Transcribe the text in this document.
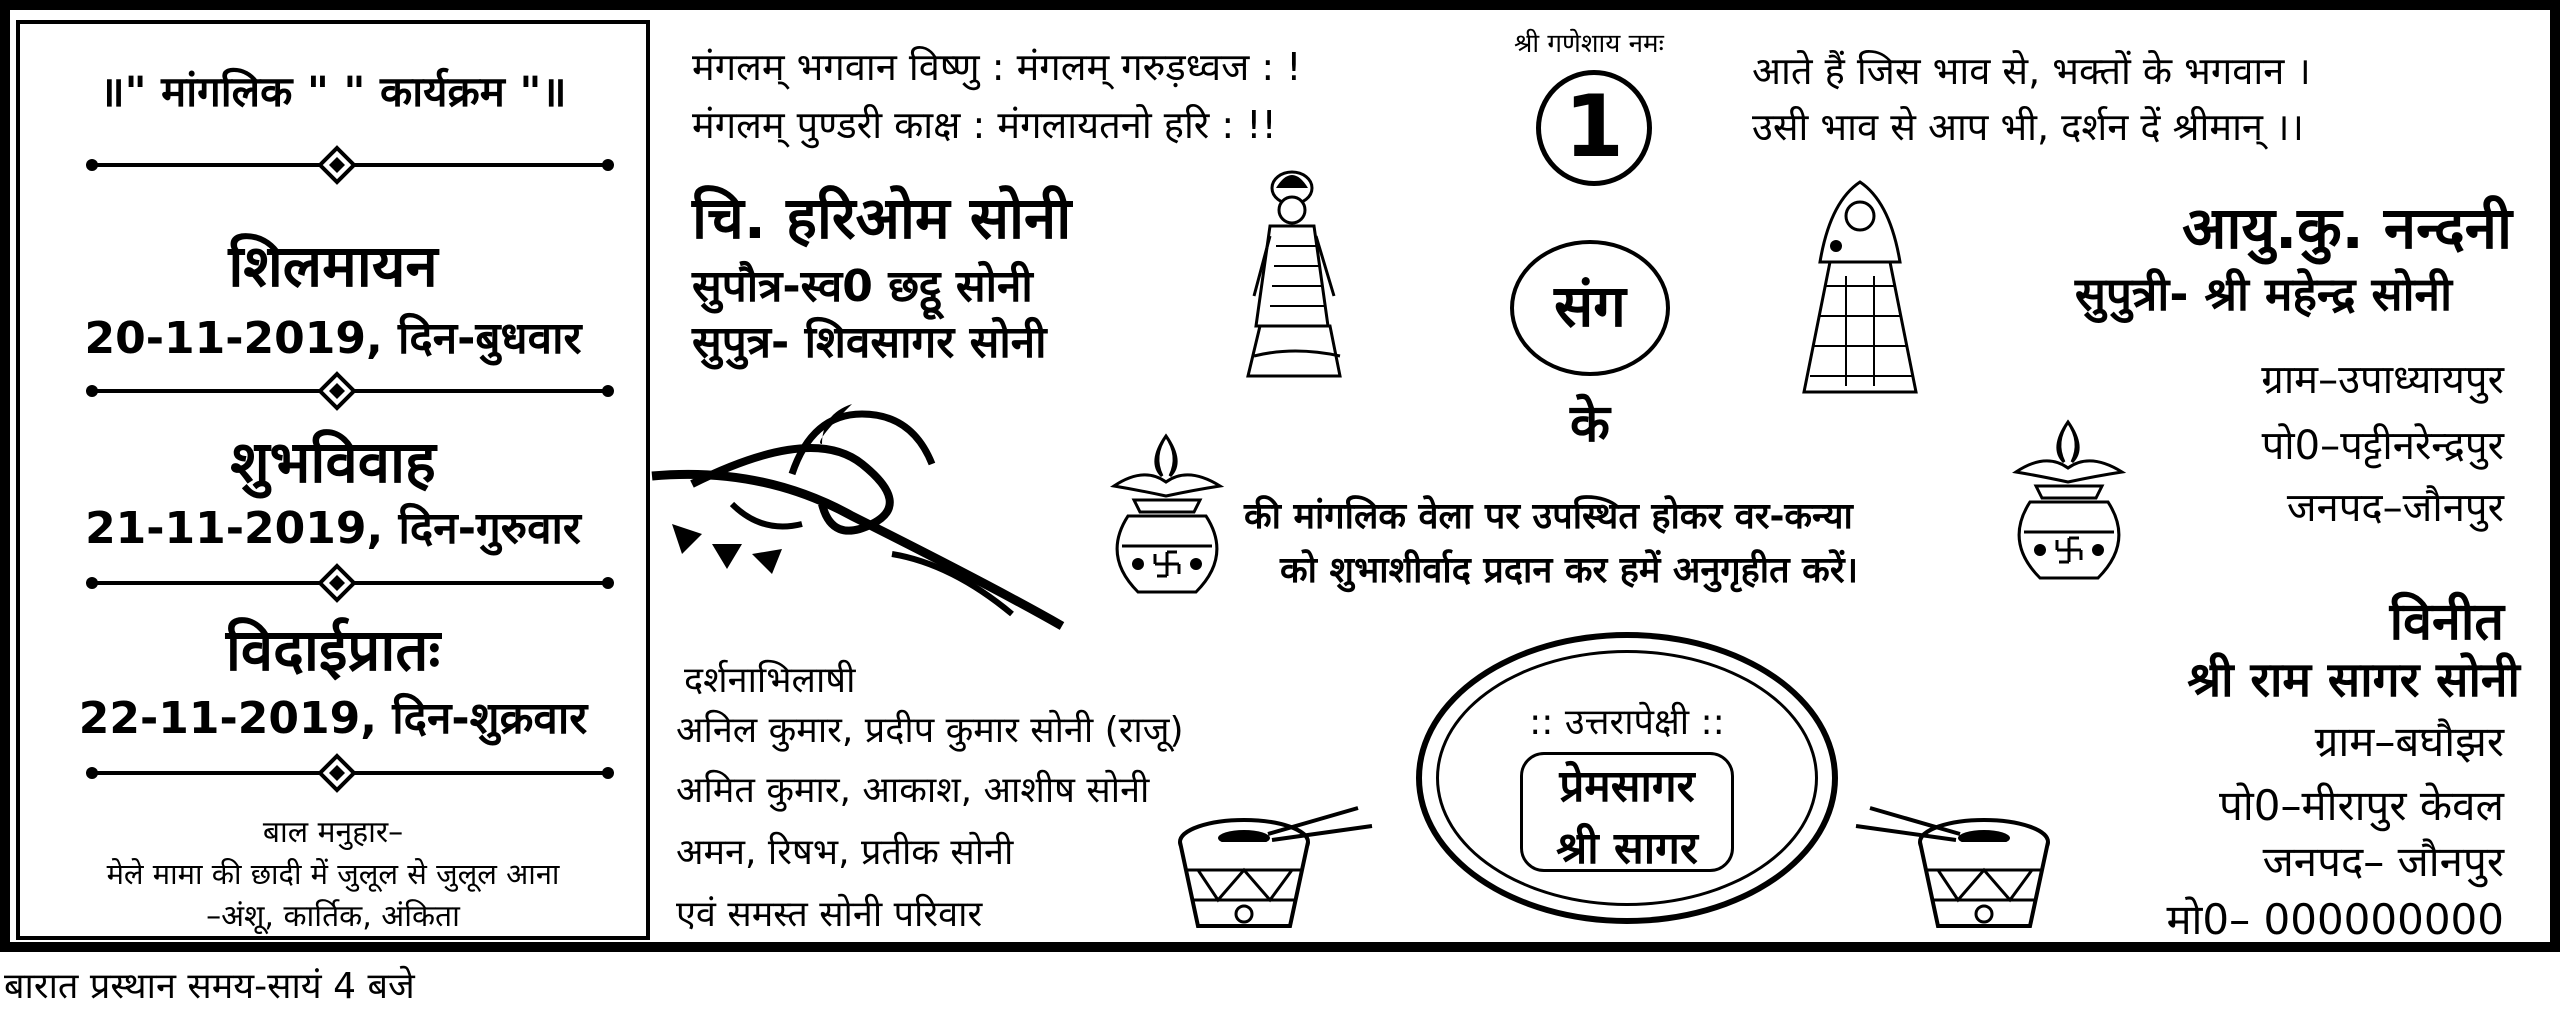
॥" मांगलिक " " कार्यक्रम "॥
शिलमायन
20-11-2019, दिन-बुधवार
शुभविवाह
21-11-2019, दिन-गुरुवार
विदाईप्रातः
22-11-2019, दिन-शुक्रवार
बाल मनुहार–
मेले मामा की छादी में जुलूल से जुलूल आना
–अंशू, कार्तिक, अंकिता
बारात प्रस्थान समय-सायं 4 बजे
मंगलम् भगवान विष्णु : मंगलम् गरुड़ध्वज : !
मंगलम् पुण्डरी काक्ष : मंगलायतनो हरि : !!
श्री गणेशाय नमः
1
आते हैं जिस भाव से, भक्तों के भगवान ।
उसी भाव से आप भी, दर्शन दें श्रीमान् ।।
चि. हरिओम सोनी
सुपौत्र-स्व0 छट्ठू सोनी
सुपुत्र- शिवसागर सोनी
संग
के
आयु.कु. नन्दनी
सुपुत्री- श्री महेन्द्र सोनी
ग्राम–उपाध्यायपुर
पो0–पट्टीनरेन्द्रपुर
जनपद–जौनपुर
की मांगलिक वेला पर उपस्थित होकर वर-कन्या
को शुभाशीर्वाद प्रदान कर हमें अनुगृहीत करें।
दर्शनाभिलाषी
अनिल कुमार, प्रदीप कुमार सोनी (राजू)
अमित कुमार, आकाश, आशीष सोनी
अमन, रिषभ, प्रतीक सोनी
एवं समस्त सोनी परिवार
:: उत्तरापेक्षी ::
प्रेमसागर
श्री सागर
विनीत
श्री राम सागर सोनी
ग्राम–बघौझर
पो0–मीरापुर केवल
जनपद– जौनपुर
मो0– 000000000
